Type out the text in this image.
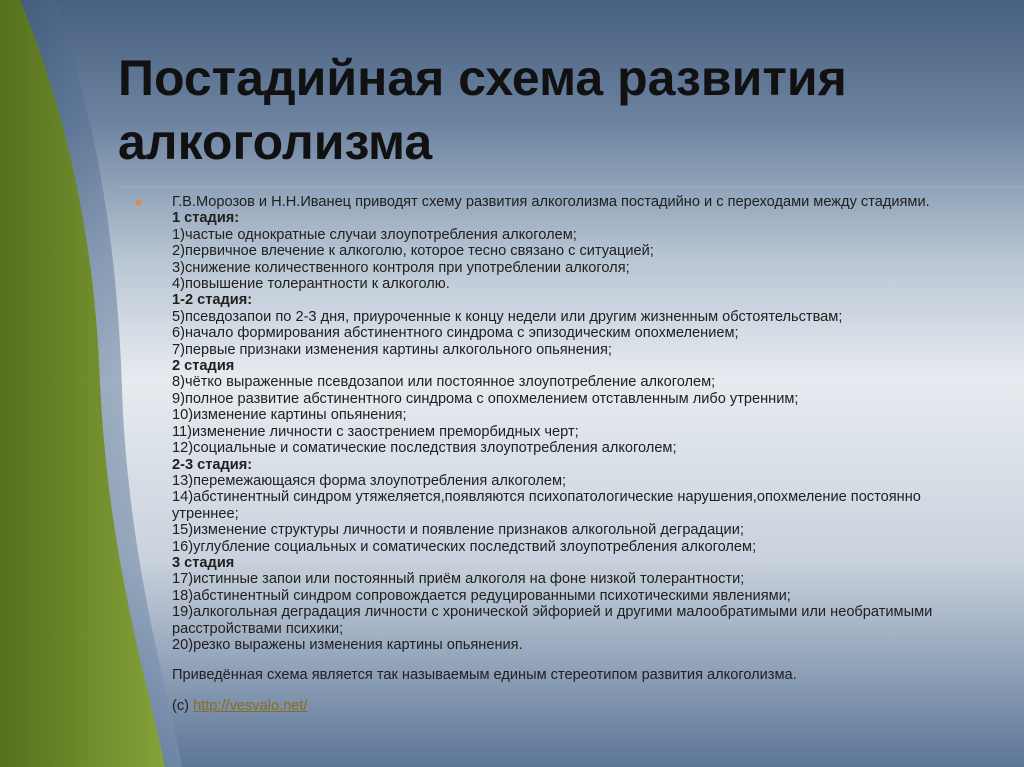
Постадийная схема развития алкоголизма
Г.В.Морозов и Н.Н.Иванец приводят схему развития алкоголизма постадийно и с переходами между стадиями.
1 стадия:
1)частые однократные случаи злоупотребления алкоголем;
2)первичное влечение к алкоголю, которое тесно связано с ситуацией;
3)снижение количественного контроля при употреблении алкоголя;
4)повышение толерантности к алкоголю.
1-2 стадия:
5)псевдозапои по 2-3 дня, приуроченные к концу недели или другим жизненным обстоятельствам;
6)начало формирования абстинентного синдрома с эпизодическим опохмелением;
7)первые признаки изменения картины алкогольного опьянения;
2 стадия
8)чётко выраженные псевдозапои или постоянное злоупотребление алкоголем;
9)полное развитие абстинентного синдрома с опохмелением отставленным либо утренним;
10)изменение картины опьянения;
11)изменение личности с заострением преморбидных черт;
12)социальные и соматические последствия злоупотребления алкоголем;
2-3 стадия:
13)перемежающаяся форма злоупотребления алкоголем;
14)абстинентный синдром утяжеляется,появляются психопатологические нарушения,опохмеление постоянно утреннее;
15)изменение структуры личности и появление признаков алкогольной деградации;
16)углубление социальных и соматических последствий злоупотребления алкоголем;
3 стадия
17)истинные запои или постоянный приём алкоголя на фоне низкой толерантности;
18)абстинентный синдром сопровождается редуцированными психотическими явлениями;
19)алкогольная деградация личности с хронической эйфорией и другими малообратимыми или необратимыми расстройствами психики;
20)резко выражены изменения картины опьянения.
Приведённая схема является так называемым единым стереотипом развития алкоголизма.
(с) http://vesvalo.net/
